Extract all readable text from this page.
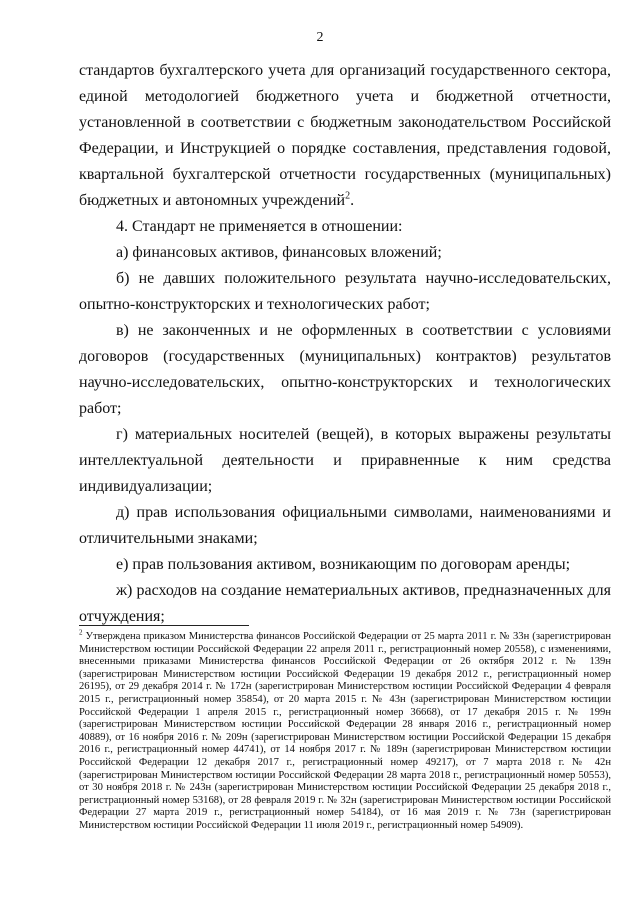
2

стандартов бухгалтерского учета для организаций государственного сектора, единой методологией бюджетного учета и бюджетной отчетности, установленной в соответствии с бюджетным законодательством Российской Федерации, и Инструкцией о порядке составления, представления годовой, квартальной бухгалтерской отчетности государственных (муниципальных) бюджетных и автономных учреждений$^2$.

4. Стандарт не применяется в отношении:

а) финансовых активов, финансовых вложений;

б) не давших положительного результата научно-исследовательских, опытно-конструкторских и технологических работ;

в) не законченных и не оформленных в соответствии с условиями договоров (государственных (муниципальных) контрактов) результатов научно-исследовательских, опытно-конструкторских и технологических работ;

г) материальных носителей (вещей), в которых выражены результаты интеллектуальной деятельности и приравненные к ним средства индивидуализации;

д) прав использования официальными символами, наименованиями и отличительными знаками;

е) прав пользования активом, возникающим по договорам аренды;

ж) расходов на создание нематериальных активов, предназначенных для отчуждения;

$^2$ Утверждена приказом Министерства финансов Российской Федерации от 25 марта 2011 г. № 33н (зарегистрирован Министерством юстиции Российской Федерации 22 апреля 2011 г., регистрационный номер 20558), с изменениями, внесенными приказами Министерства финансов Российской Федерации от 26 октября 2012 г. № 139н (зарегистрирован Министерством юстиции Российской Федерации 19 декабря 2012 г., регистрационный номер 26195), от 29 декабря 2014 г. № 172н (зарегистрирован Министерством юстиции Российской Федерации 4 февраля 2015 г., регистрационный номер 35854), от 20 марта 2015 г. № 43н (зарегистрирован Министерством юстиции Российской Федерации 1 апреля 2015 г., регистрационный номер 36668), от 17 декабря 2015 г. № 199н (зарегистрирован Министерством юстиции Российской Федерации 28 января 2016 г., регистрационный номер 40889), от 16 ноября 2016 г. № 209н (зарегистрирован Министерством юстиции Российской Федерации 15 декабря 2016 г., регистрационный номер 44741), от 14 ноября 2017 г. № 189н (зарегистрирован Министерством юстиции Российской Федерации 12 декабря 2017 г., регистрационный номер 49217), от 7 марта 2018 г. № 42н (зарегистрирован Министерством юстиции Российской Федерации 28 марта 2018 г., регистрационный номер 50553), от 30 ноября 2018 г. № 243н (зарегистрирован Министерством юстиции Российской Федерации 25 декабря 2018 г., регистрационный номер 53168), от 28 февраля 2019 г. № 32н (зарегистрирован Министерством юстиции Российской Федерации 27 марта 2019 г., регистрационный номер 54184), от 16 мая 2019 г. № 73н (зарегистрирован Министерством юстиции Российской Федерации 11 июля 2019 г., регистрационный номер 54909).
